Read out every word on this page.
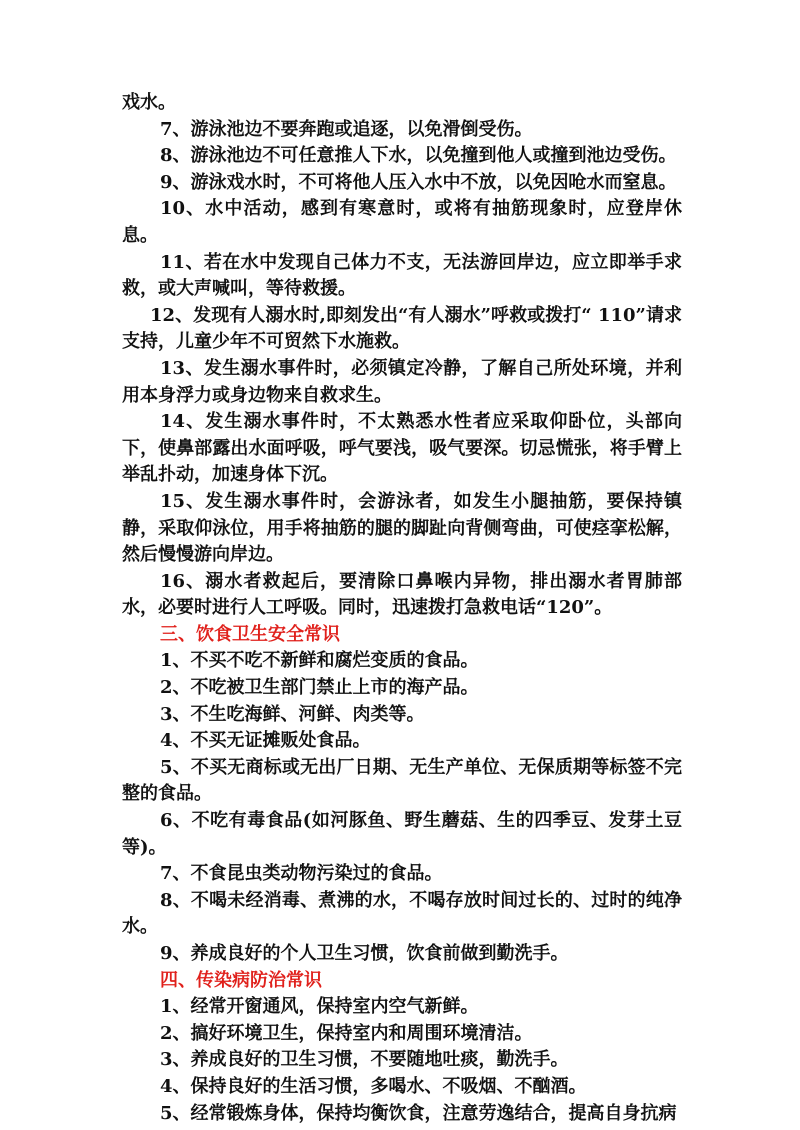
戏水。

7、游泳池边不要奔跑或追逐，以免滑倒受伤。

8、游泳池边不可任意推人下水，以免撞到他人或撞到池边受伤。

9、游泳戏水时，不可将他人压入水中不放，以免因呛水而窒息。

10、水中活动，感到有寒意时，或将有抽筋现象时，应登岸休息。

11、若在水中发现自己体力不支，无法游回岸边，应立即举手求救，或大声喊叫，等待救援。

12、发现有人溺水时,即刻发出“有人溺水”呼救或拨打“ 110”请求支持，儿童少年不可贸然下水施救。

13、发生溺水事件时，必须镇定冷静，了解自己所处环境，并利用本身浮力或身边物来自救求生。

14、发生溺水事件时，不太熟悉水性者应采取仰卧位，头部向下，使鼻部露出水面呼吸，呼气要浅，吸气要深。切忌慌张，将手臂上举乱扑动，加速身体下沉。

15、发生溺水事件时，会游泳者，如发生小腿抽筋，要保持镇静，采取仰泳位，用手将抽筋的腿的脚趾向背侧弯曲，可使痉挛松解，然后慢慢游向岸边。

16、溺水者救起后，要清除口鼻喉内异物，排出溺水者胃肺部水，必要时进行人工呼吸。同时，迅速拨打急救电话“120”。

三、饮食卫生安全常识

1、不买不吃不新鲜和腐烂变质的食品。

2、不吃被卫生部门禁止上市的海产品。

3、不生吃海鲜、河鲜、肉类等。

4、不买无证摊贩处食品。

5、不买无商标或无出厂日期、无生产单位、无保质期等标签不完整的食品。

6、不吃有毒食品(如河豚鱼、野生蘑菇、生的四季豆、发芽土豆等)。

7、不食昆虫类动物污染过的食品。

8、不喝未经消毒、煮沸的水，不喝存放时间过长的、过时的纯净水。

9、养成良好的个人卫生习惯，饮食前做到勤洗手。

四、传染病防治常识

1、经常开窗通风，保持室内空气新鲜。

2、搞好环境卫生，保持室内和周围环境清洁。

3、养成良好的卫生习惯，不要随地吐痰，勤洗手。

4、保持良好的生活习惯，多喝水、不吸烟、不酗酒。

5、经常锻炼身体，保持均衡饮食，注意劳逸结合，提高自身抗病
